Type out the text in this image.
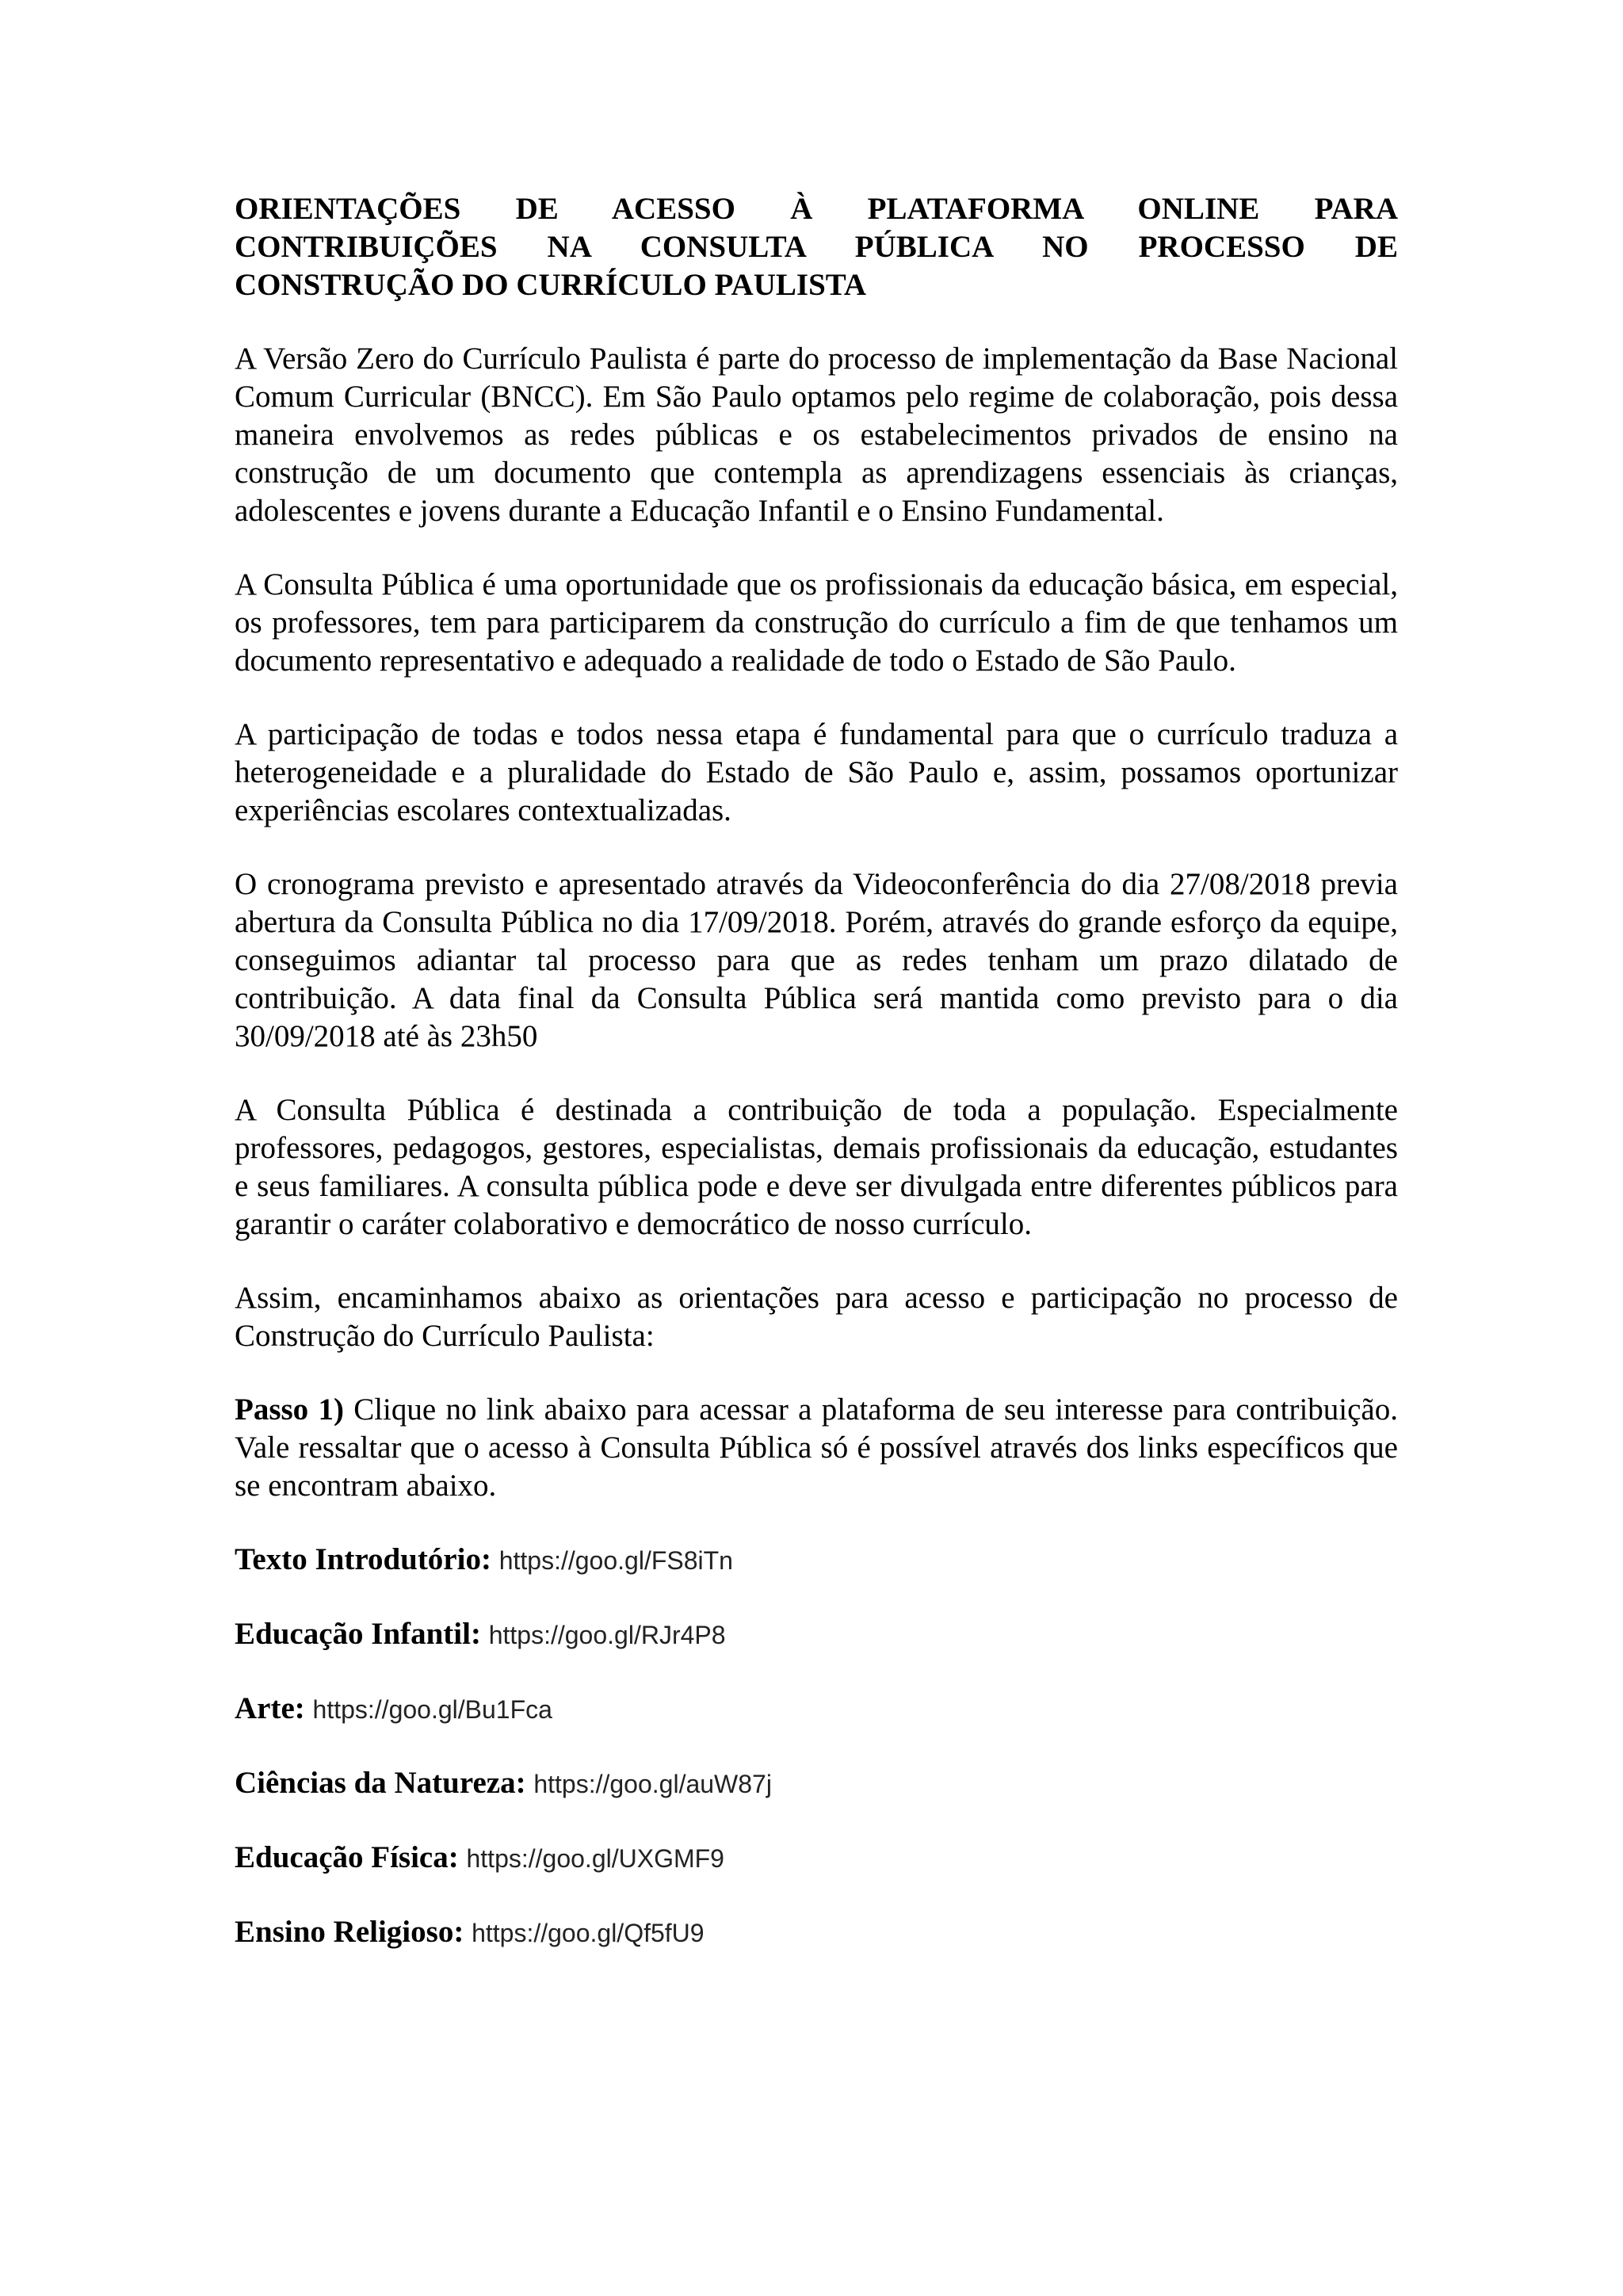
ORIENTAÇÕES DE ACESSO À PLATAFORMA ONLINE PARA
CONTRIBUIÇÕES NA CONSULTA PÚBLICA NO PROCESSO DE
CONSTRUÇÃO DO CURRÍCULO PAULISTA

A Versão Zero do Currículo Paulista é parte do processo de implementação da Base Nacional Comum Curricular (BNCC). Em São Paulo optamos pelo regime de colaboração, pois dessa maneira envolvemos as redes públicas e os estabelecimentos privados de ensino na construção de um documento que contempla as aprendizagens essenciais às crianças, adolescentes e jovens durante a Educação Infantil e o Ensino Fundamental.

A Consulta Pública é uma oportunidade que os profissionais da educação básica, em especial, os professores, tem para participarem da construção do currículo a fim de que tenhamos um documento representativo e adequado a realidade de todo o Estado de São Paulo.

A participação de todas e todos nessa etapa é fundamental para que o currículo traduza a heterogeneidade e a pluralidade do Estado de São Paulo e, assim, possamos oportunizar experiências escolares contextualizadas.

O cronograma previsto e apresentado através da Videoconferência do dia 27/08/2018 previa abertura da Consulta Pública no dia 17/09/2018. Porém, através do grande esforço da equipe, conseguimos adiantar tal processo para que as redes tenham um prazo dilatado de contribuição. A data final da Consulta Pública será mantida como previsto para o dia 30/09/2018 até às 23h50

A Consulta Pública é destinada a contribuição de toda a população. Especialmente professores, pedagogos, gestores, especialistas, demais profissionais da educação, estudantes e seus familiares. A consulta pública pode e deve ser divulgada entre diferentes públicos para garantir o caráter colaborativo e democrático de nosso currículo.

Assim, encaminhamos abaixo as orientações para acesso e participação no processo de Construção do Currículo Paulista:

Passo 1) Clique no link abaixo para acessar a plataforma de seu interesse para contribuição. Vale ressaltar que o acesso à Consulta Pública só é possível através dos links específicos que se encontram abaixo.

Texto Introdutório: https://goo.gl/FS8iTn
Educação Infantil: https://goo.gl/RJr4P8
Arte: https://goo.gl/Bu1Fca
Ciências da Natureza: https://goo.gl/auW87j
Educação Física: https://goo.gl/UXGMF9
Ensino Religioso: https://goo.gl/Qf5fU9
